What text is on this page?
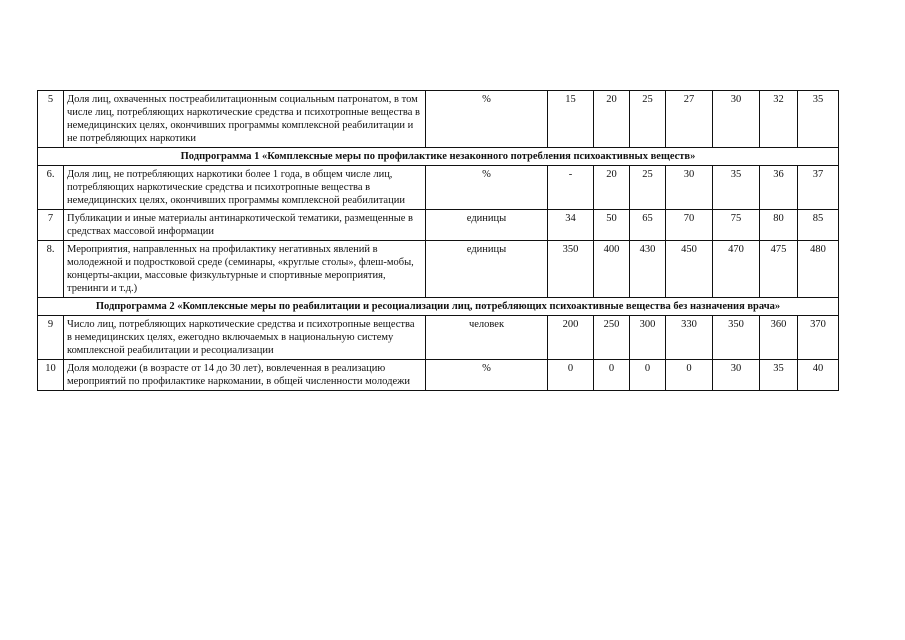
5	Доля лиц, охваченных постреабилитационным социальным патронатом, в том числе лиц, потребляющих наркотические средства и психотропные вещества в немедицинских целях, окончивших программы комплексной реабилитации и не потребляющих наркотики	%	15	20	25	27	30	32	35
Подпрограмма 1 «Комплексные меры по профилактике незаконного потребления психоактивных веществ»									
6.	Доля лиц, не потребляющих наркотики более 1 года, в общем числе лиц, потребляющих наркотические средства и психотропные вещества в немедицинских целях, окончивших программы комплексной реабилитации	%	-	20	25	30	35	36	37
7	Публикации и иные материалы антинаркотической тематики, размещенные в средствах массовой информации	единицы	34	50	65	70	75	80	85
8.	Мероприятия, направленных на профилактику негативных явлений в молодежной и подростковой среде (семинары, «круглые столы», флеш-мобы, концерты-акции, массовые физкультурные и спортивные мероприятия, тренинги и т.д.)	единицы	350	400	430	450	470	475	480
Подпрограмма 2 «Комплексные меры по реабилитации и ресоциализации лиц, потребляющих психоактивные вещества без назначения врача»									
9	Число лиц, потребляющих наркотические средства и психотропные вещества в немедицинских целях, ежегодно включаемых в национальную систему комплексной реабилитации и ресоциализации	человек	200	250	300	330	350	360	370
10	Доля молодежи (в возрасте от 14 до 30 лет), вовлеченная в реализацию мероприятий по профилактике наркомании, в общей численности молодежи	%	0	0	0	0	30	35	40
